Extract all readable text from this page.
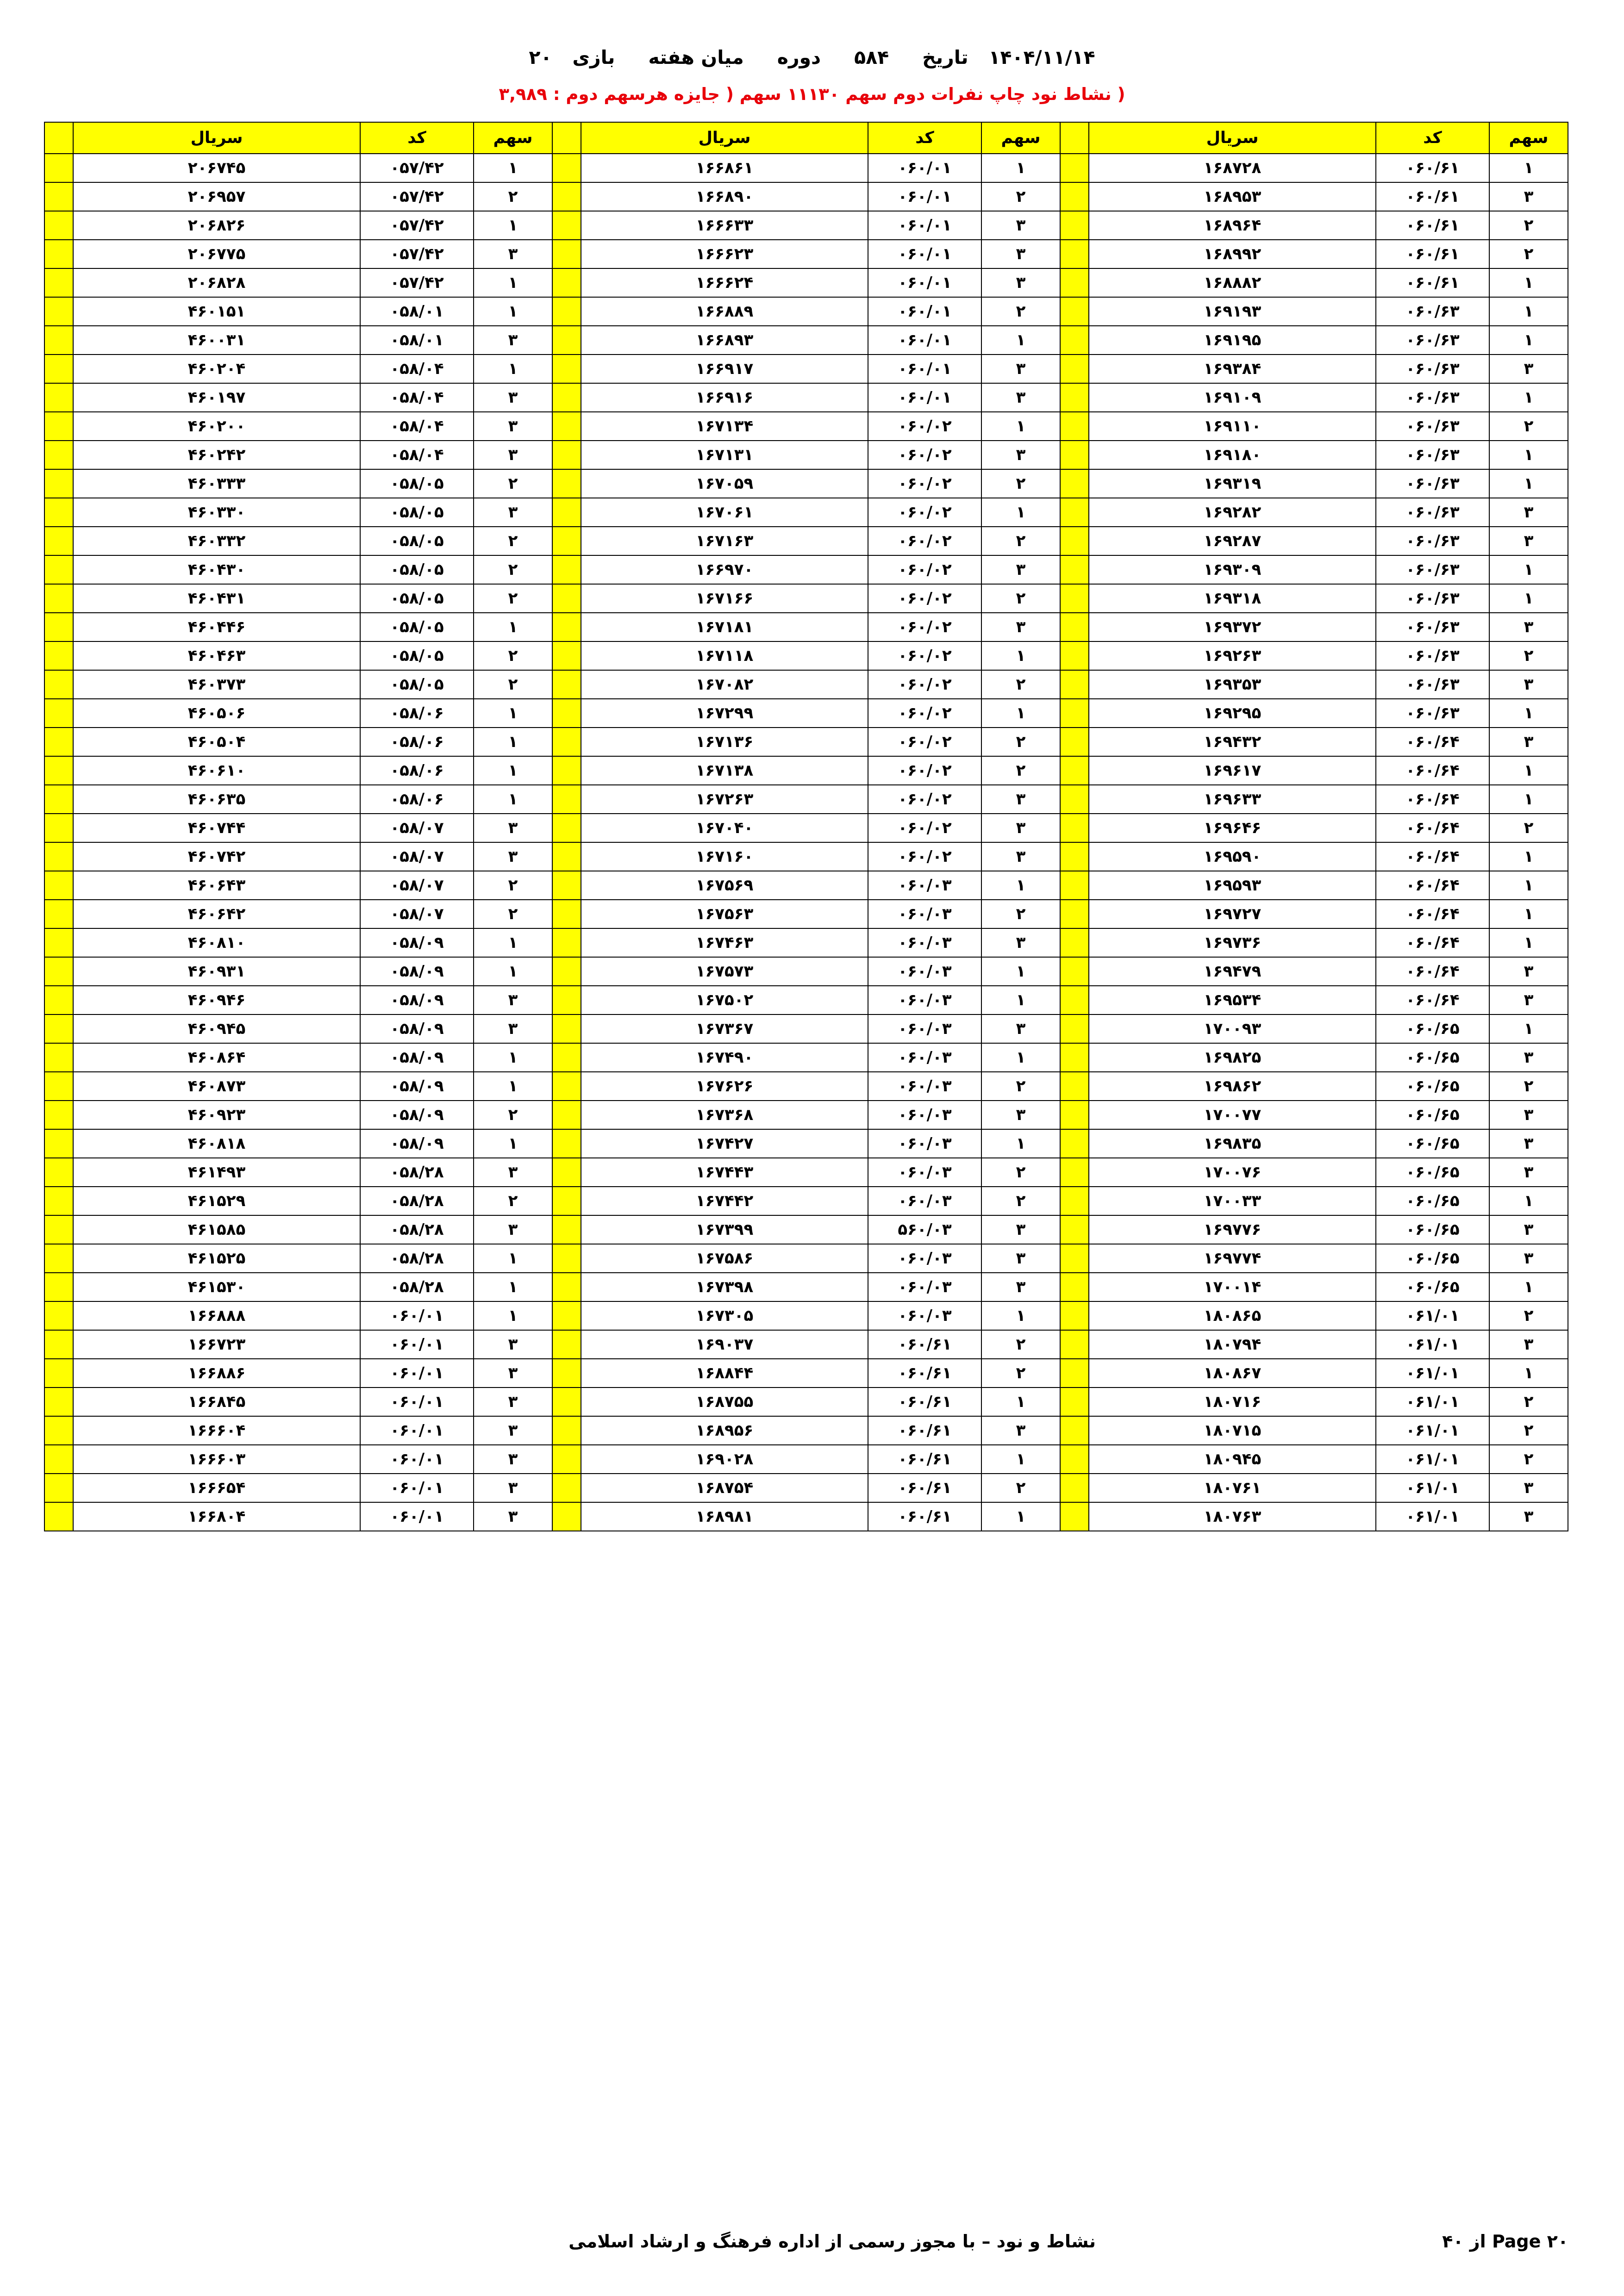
۲۰	بازی	میان هفته	دوره	۵۸۴	تاریخ	۱۴۰۴/۱۱/۱۴
( نشاط نود چاپ نفرات دوم سهم ۱۱۱۳۰ سهم ( جایزه هرسهم دوم : ۳,۹۸۹
سهم	کد	سریال		سهم	کد	سریال		سهم	کد	سریال	
۱	۰۶۰/۶۱	۱۶۸۷۲۸		۱	۰۶۰/۰۱	۱۶۶۸۶۱		۱	۰۵۷/۴۲	۲۰۶۷۴۵	
۳	۰۶۰/۶۱	۱۶۸۹۵۳		۲	۰۶۰/۰۱	۱۶۶۸۹۰		۲	۰۵۷/۴۲	۲۰۶۹۵۷	
۲	۰۶۰/۶۱	۱۶۸۹۶۴		۳	۰۶۰/۰۱	۱۶۶۶۳۳		۱	۰۵۷/۴۲	۲۰۶۸۲۶	
۲	۰۶۰/۶۱	۱۶۸۹۹۲		۳	۰۶۰/۰۱	۱۶۶۶۲۳		۳	۰۵۷/۴۲	۲۰۶۷۷۵	
۱	۰۶۰/۶۱	۱۶۸۸۸۲		۳	۰۶۰/۰۱	۱۶۶۶۲۴		۱	۰۵۷/۴۲	۲۰۶۸۲۸	
۱	۰۶۰/۶۳	۱۶۹۱۹۳		۲	۰۶۰/۰۱	۱۶۶۸۸۹		۱	۰۵۸/۰۱	۴۶۰۱۵۱	
۱	۰۶۰/۶۳	۱۶۹۱۹۵		۱	۰۶۰/۰۱	۱۶۶۸۹۳		۳	۰۵۸/۰۱	۴۶۰۰۳۱	
۳	۰۶۰/۶۳	۱۶۹۳۸۴		۳	۰۶۰/۰۱	۱۶۶۹۱۷		۱	۰۵۸/۰۴	۴۶۰۲۰۴	
۱	۰۶۰/۶۳	۱۶۹۱۰۹		۳	۰۶۰/۰۱	۱۶۶۹۱۶		۳	۰۵۸/۰۴	۴۶۰۱۹۷	
۲	۰۶۰/۶۳	۱۶۹۱۱۰		۱	۰۶۰/۰۲	۱۶۷۱۳۴		۳	۰۵۸/۰۴	۴۶۰۲۰۰	
۱	۰۶۰/۶۳	۱۶۹۱۸۰		۳	۰۶۰/۰۲	۱۶۷۱۳۱		۳	۰۵۸/۰۴	۴۶۰۲۴۲	
۱	۰۶۰/۶۳	۱۶۹۳۱۹		۲	۰۶۰/۰۲	۱۶۷۰۵۹		۲	۰۵۸/۰۵	۴۶۰۳۳۳	
۳	۰۶۰/۶۳	۱۶۹۲۸۲		۱	۰۶۰/۰۲	۱۶۷۰۶۱		۳	۰۵۸/۰۵	۴۶۰۳۳۰	
۳	۰۶۰/۶۳	۱۶۹۲۸۷		۲	۰۶۰/۰۲	۱۶۷۱۶۳		۲	۰۵۸/۰۵	۴۶۰۳۳۲	
۱	۰۶۰/۶۳	۱۶۹۳۰۹		۳	۰۶۰/۰۲	۱۶۶۹۷۰		۲	۰۵۸/۰۵	۴۶۰۴۳۰	
۱	۰۶۰/۶۳	۱۶۹۳۱۸		۲	۰۶۰/۰۲	۱۶۷۱۶۶		۲	۰۵۸/۰۵	۴۶۰۴۳۱	
۳	۰۶۰/۶۳	۱۶۹۳۷۲		۳	۰۶۰/۰۲	۱۶۷۱۸۱		۱	۰۵۸/۰۵	۴۶۰۴۴۶	
۲	۰۶۰/۶۳	۱۶۹۲۶۳		۱	۰۶۰/۰۲	۱۶۷۱۱۸		۲	۰۵۸/۰۵	۴۶۰۴۶۳	
۳	۰۶۰/۶۳	۱۶۹۳۵۳		۲	۰۶۰/۰۲	۱۶۷۰۸۲		۲	۰۵۸/۰۵	۴۶۰۳۷۳	
۱	۰۶۰/۶۳	۱۶۹۲۹۵		۱	۰۶۰/۰۲	۱۶۷۲۹۹		۱	۰۵۸/۰۶	۴۶۰۵۰۶	
۳	۰۶۰/۶۴	۱۶۹۴۳۲		۲	۰۶۰/۰۲	۱۶۷۱۳۶		۱	۰۵۸/۰۶	۴۶۰۵۰۴	
۱	۰۶۰/۶۴	۱۶۹۶۱۷		۲	۰۶۰/۰۲	۱۶۷۱۳۸		۱	۰۵۸/۰۶	۴۶۰۶۱۰	
۱	۰۶۰/۶۴	۱۶۹۶۳۳		۳	۰۶۰/۰۲	۱۶۷۲۶۳		۱	۰۵۸/۰۶	۴۶۰۶۳۵	
۲	۰۶۰/۶۴	۱۶۹۶۴۶		۳	۰۶۰/۰۲	۱۶۷۰۴۰		۳	۰۵۸/۰۷	۴۶۰۷۴۴	
۱	۰۶۰/۶۴	۱۶۹۵۹۰		۳	۰۶۰/۰۲	۱۶۷۱۶۰		۳	۰۵۸/۰۷	۴۶۰۷۴۲	
۱	۰۶۰/۶۴	۱۶۹۵۹۳		۱	۰۶۰/۰۳	۱۶۷۵۶۹		۲	۰۵۸/۰۷	۴۶۰۶۴۳	
۱	۰۶۰/۶۴	۱۶۹۷۲۷		۲	۰۶۰/۰۳	۱۶۷۵۶۳		۲	۰۵۸/۰۷	۴۶۰۶۴۲	
۱	۰۶۰/۶۴	۱۶۹۷۳۶		۳	۰۶۰/۰۳	۱۶۷۴۶۳		۱	۰۵۸/۰۹	۴۶۰۸۱۰	
۳	۰۶۰/۶۴	۱۶۹۴۷۹		۱	۰۶۰/۰۳	۱۶۷۵۷۳		۱	۰۵۸/۰۹	۴۶۰۹۳۱	
۳	۰۶۰/۶۴	۱۶۹۵۳۴		۱	۰۶۰/۰۳	۱۶۷۵۰۲		۳	۰۵۸/۰۹	۴۶۰۹۴۶	
۱	۰۶۰/۶۵	۱۷۰۰۹۳		۳	۰۶۰/۰۳	۱۶۷۳۶۷		۳	۰۵۸/۰۹	۴۶۰۹۴۵	
۳	۰۶۰/۶۵	۱۶۹۸۲۵		۱	۰۶۰/۰۳	۱۶۷۴۹۰		۱	۰۵۸/۰۹	۴۶۰۸۶۴	
۲	۰۶۰/۶۵	۱۶۹۸۶۲		۲	۰۶۰/۰۳	۱۶۷۶۲۶		۱	۰۵۸/۰۹	۴۶۰۸۷۳	
۳	۰۶۰/۶۵	۱۷۰۰۷۷		۳	۰۶۰/۰۳	۱۶۷۳۶۸		۲	۰۵۸/۰۹	۴۶۰۹۲۳	
۳	۰۶۰/۶۵	۱۶۹۸۳۵		۱	۰۶۰/۰۳	۱۶۷۴۲۷		۱	۰۵۸/۰۹	۴۶۰۸۱۸	
۳	۰۶۰/۶۵	۱۷۰۰۷۶		۲	۰۶۰/۰۳	۱۶۷۴۴۳		۳	۰۵۸/۲۸	۴۶۱۴۹۳	
۱	۰۶۰/۶۵	۱۷۰۰۳۳		۲	۰۶۰/۰۳	۱۶۷۴۴۲		۲	۰۵۸/۲۸	۴۶۱۵۲۹	
۳	۰۶۰/۶۵	۱۶۹۷۷۶		۳	۵۶۰/۰۳	۱۶۷۳۹۹		۳	۰۵۸/۲۸	۴۶۱۵۸۵	
۳	۰۶۰/۶۵	۱۶۹۷۷۴		۳	۰۶۰/۰۳	۱۶۷۵۸۶		۱	۰۵۸/۲۸	۴۶۱۵۲۵	
۱	۰۶۰/۶۵	۱۷۰۰۱۴		۳	۰۶۰/۰۳	۱۶۷۳۹۸		۱	۰۵۸/۲۸	۴۶۱۵۳۰	
۲	۰۶۱/۰۱	۱۸۰۸۶۵		۱	۰۶۰/۰۳	۱۶۷۳۰۵		۱	۰۶۰/۰۱	۱۶۶۸۸۸	
۳	۰۶۱/۰۱	۱۸۰۷۹۴		۲	۰۶۰/۶۱	۱۶۹۰۳۷		۳	۰۶۰/۰۱	۱۶۶۷۲۳	
۱	۰۶۱/۰۱	۱۸۰۸۶۷		۲	۰۶۰/۶۱	۱۶۸۸۴۴		۳	۰۶۰/۰۱	۱۶۶۸۸۶	
۲	۰۶۱/۰۱	۱۸۰۷۱۶		۱	۰۶۰/۶۱	۱۶۸۷۵۵		۳	۰۶۰/۰۱	۱۶۶۸۴۵	
۲	۰۶۱/۰۱	۱۸۰۷۱۵		۳	۰۶۰/۶۱	۱۶۸۹۵۶		۳	۰۶۰/۰۱	۱۶۶۶۰۴	
۲	۰۶۱/۰۱	۱۸۰۹۴۵		۱	۰۶۰/۶۱	۱۶۹۰۲۸		۳	۰۶۰/۰۱	۱۶۶۶۰۳	
۳	۰۶۱/۰۱	۱۸۰۷۶۱		۲	۰۶۰/۶۱	۱۶۸۷۵۴		۳	۰۶۰/۰۱	۱۶۶۶۵۴	
۳	۰۶۱/۰۱	۱۸۰۷۶۳		۱	۰۶۰/۶۱	۱۶۸۹۸۱		۳	۰۶۰/۰۱	۱۶۶۸۰۴	
Page ۲۰ از ۴۰
نشاط و نود – با مجوز رسمی از اداره فرهنگ و ارشاد اسلامی
